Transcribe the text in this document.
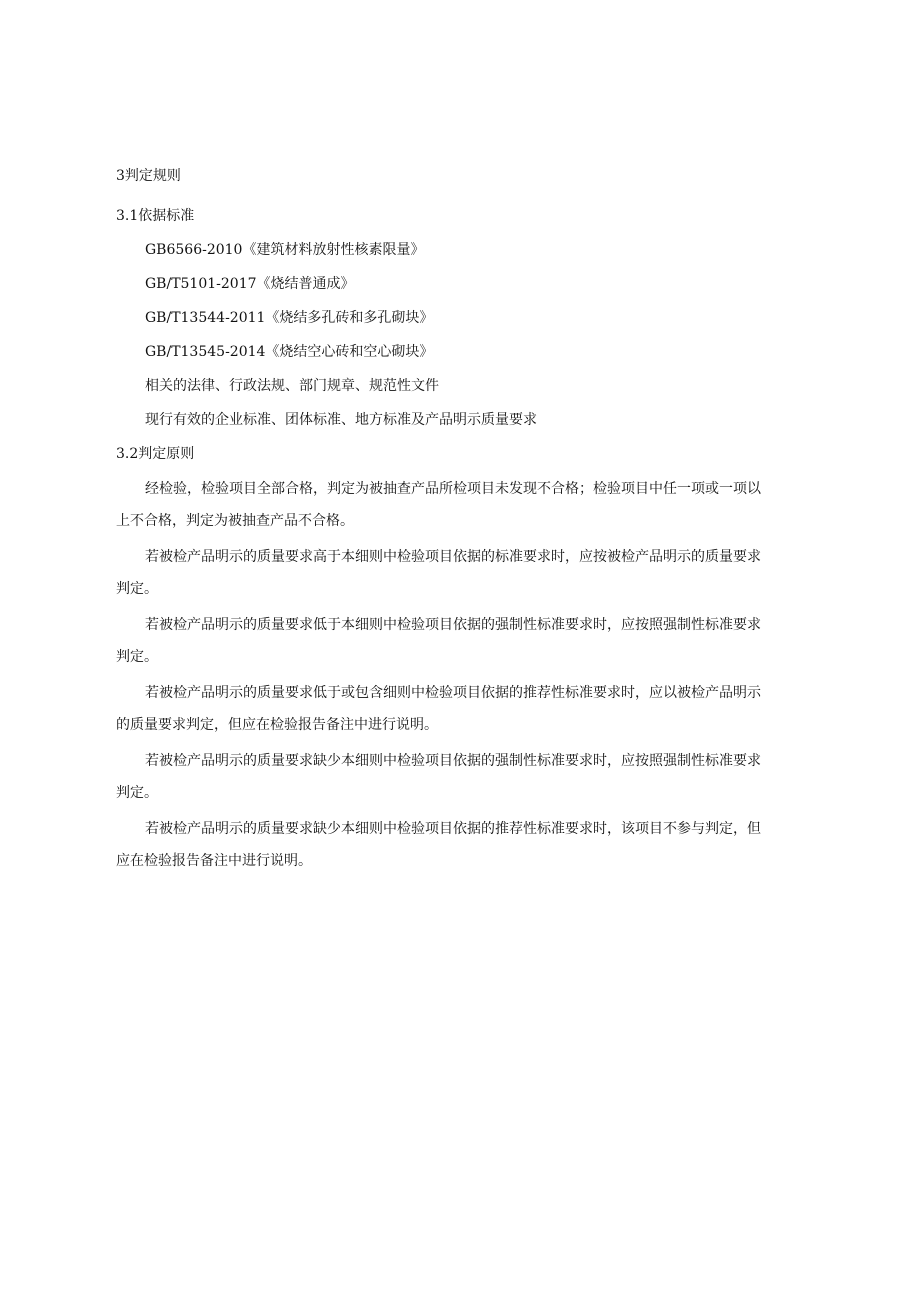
3判定规则

3.1依据标准

GB6566-2010《建筑材料放射性核素限量》

GB/T5101-2017《烧结普通成》

GB/T13544-2011《烧结多孔砖和多孔砌块》

GB/T13545-2014《烧结空心砖和空心砌块》

相关的法律、行政法规、部门规章、规范性文件

现行有效的企业标准、团体标准、地方标准及产品明示质量要求

3.2判定原则

经检验，检验项目全部合格，判定为被抽查产品所检项目未发现不合格；检验项目中任一项或一项以

上不合格，判定为被抽查产品不合格。

若被检产品明示的质量要求高于本细则中检验项目依据的标准要求时，应按被检产品明示的质量要求

判定。

若被检产品明示的质量要求低于本细则中检验项目依据的强制性标准要求时，应按照强制性标准要求

判定。

若被检产品明示的质量要求低于或包含细则中检验项目依据的推荐性标准要求时，应以被检产品明示

的质量要求判定，但应在检验报告备注中进行说明。

若被检产品明示的质量要求缺少本细则中检验项目依据的强制性标准要求时，应按照强制性标准要求

判定。

若被检产品明示的质量要求缺少本细则中检验项目依据的推荐性标准要求时，该项目不参与判定，但

应在检验报告备注中进行说明。
